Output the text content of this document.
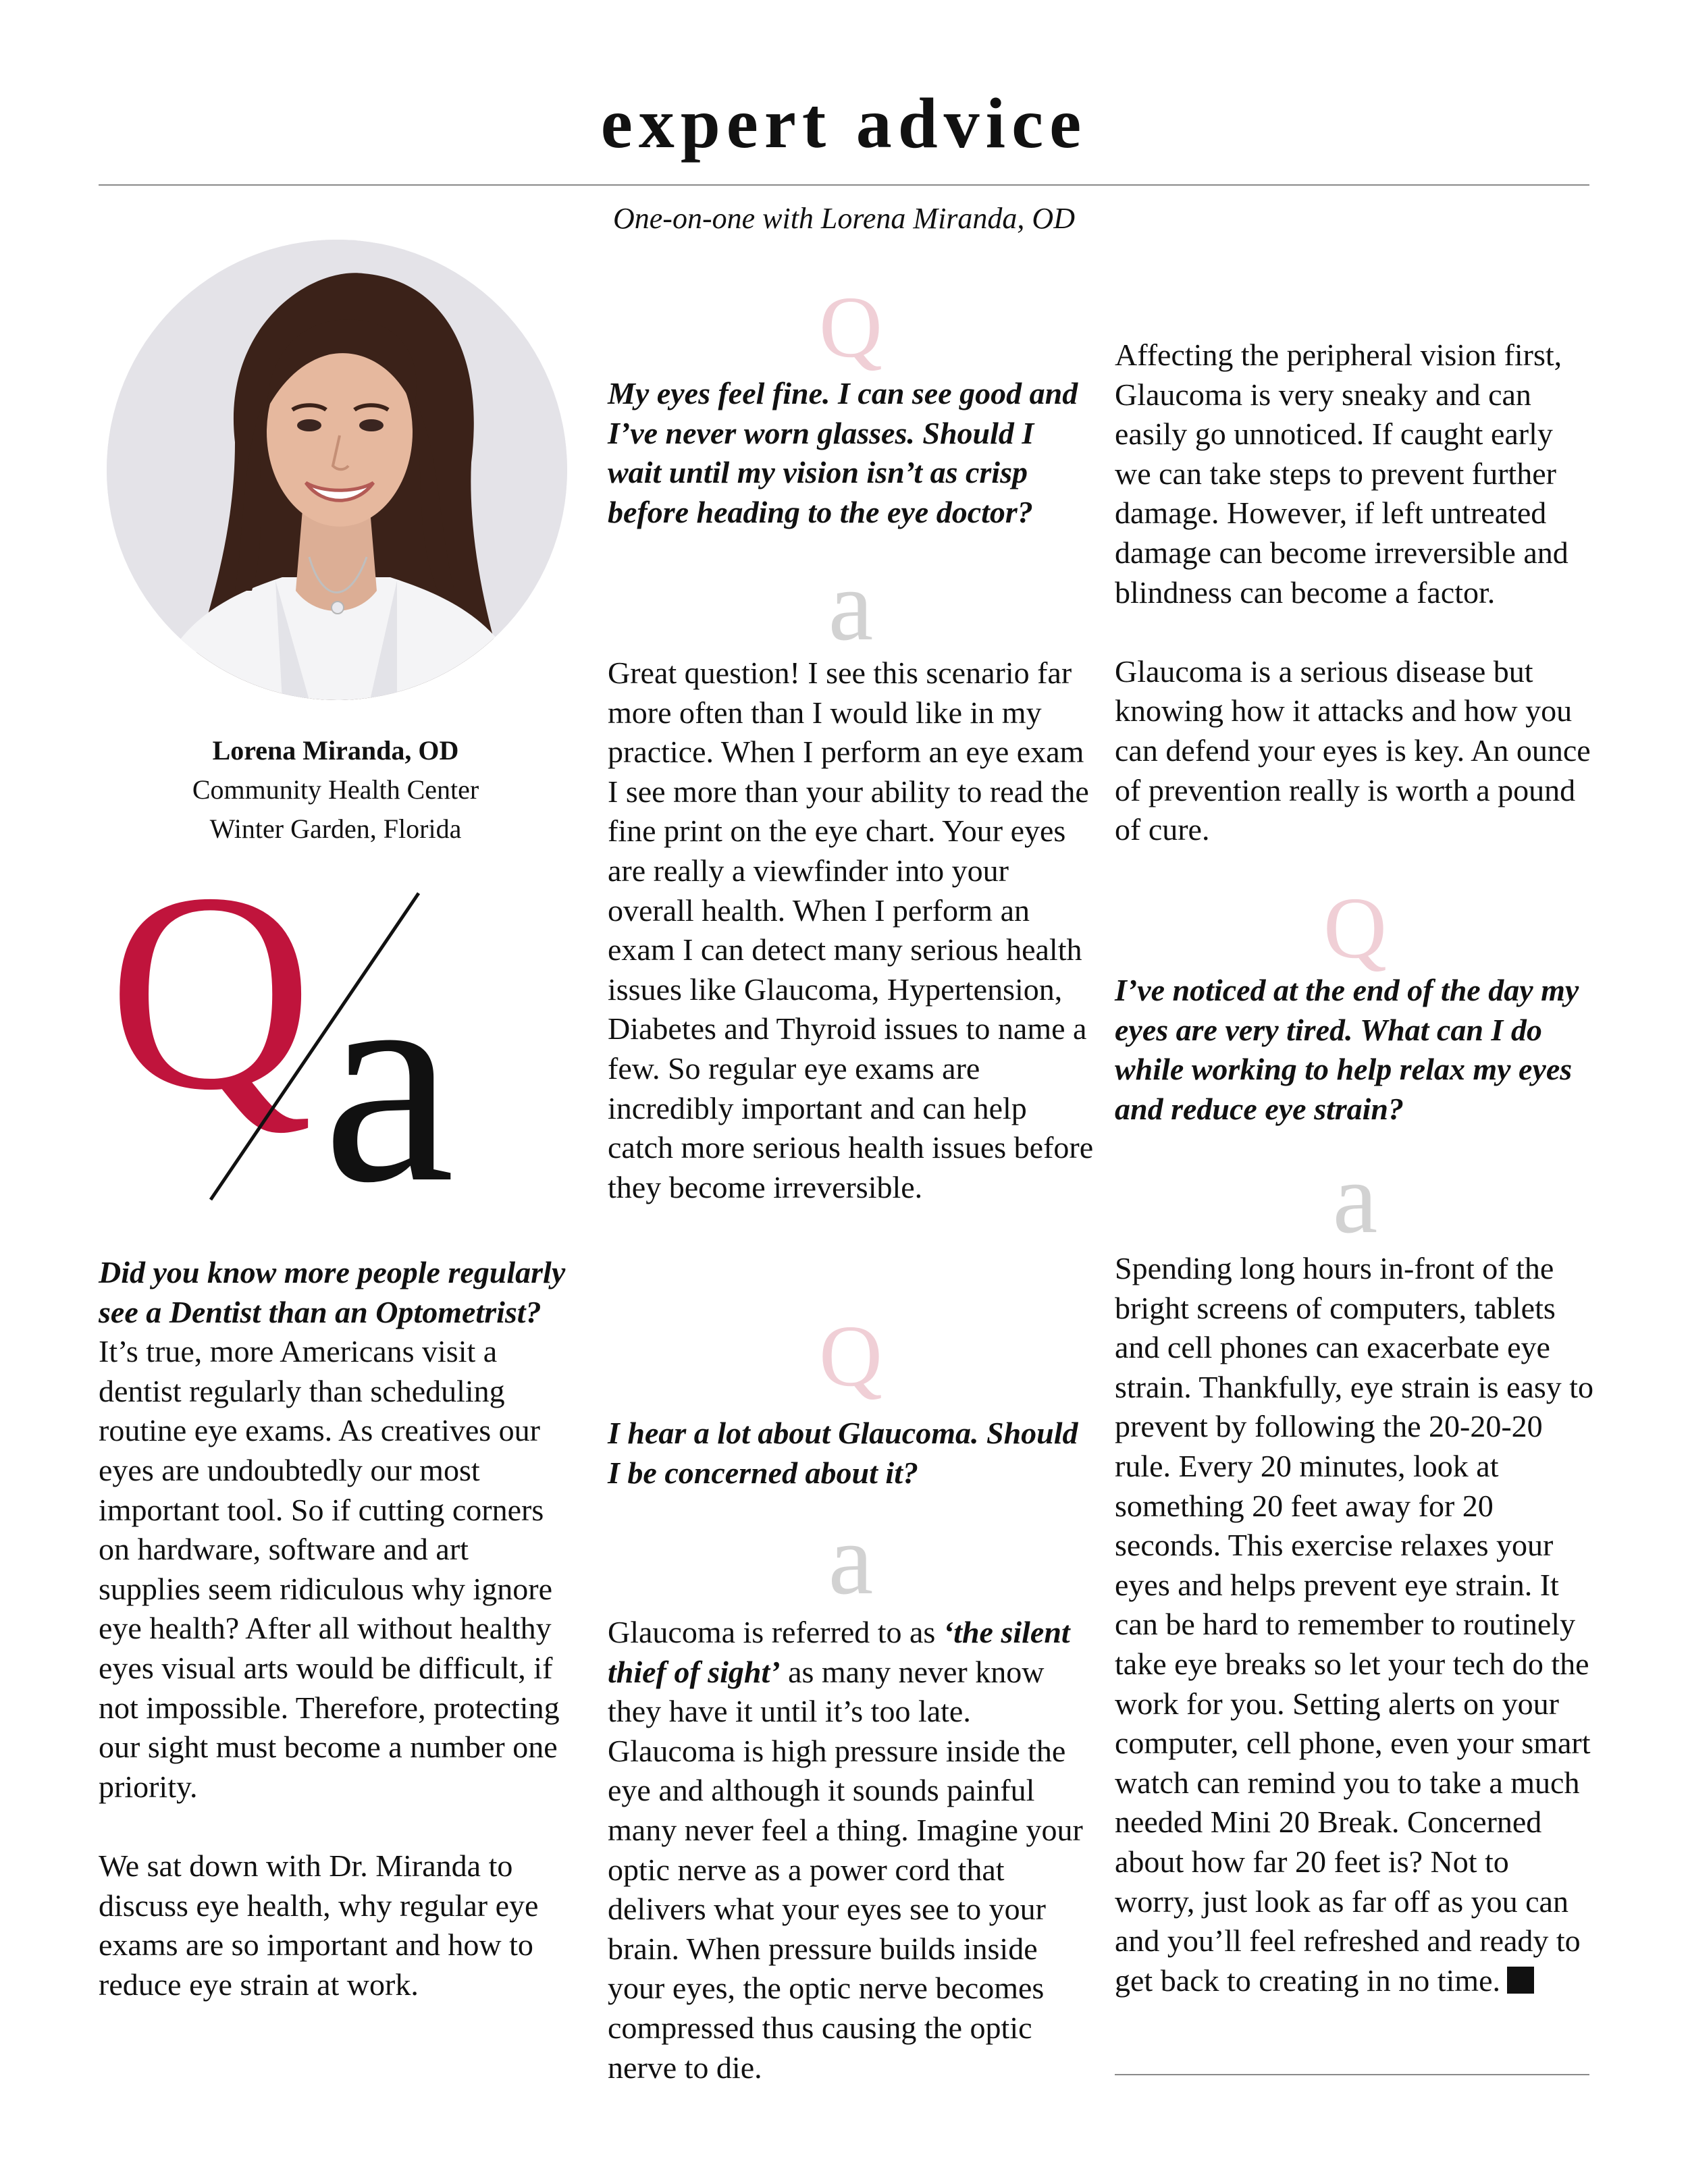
expert advice
One-on-one with Lorena Miranda, OD
Lorena Miranda, OD
Community Health Center
Winter Garden, Florida
Q a

Did you know more people regularly see a Dentist than an Optometrist?  It’s true, more Americans visit a dentist regularly than scheduling routine eye exams. As creatives our eyes are undoubtedly our most important tool. So if cutting corners on hardware, software and art supplies seem ridiculous why ignore eye health? After all without healthy eyes visual arts would be difficult, if not impossible. Therefore, protecting our sight must become a number one priority.

We sat down with Dr. Miranda to discuss eye health, why regular eye exams are so important and how to reduce eye strain at work.

Q
My eyes feel fine. I can see good and I’ve never worn glasses. Should I wait until my vision isn’t as crisp before heading to the eye doctor?
a
Great question! I see this scenario far more often than I would like in my practice. When I perform an eye exam I see more than your ability to read the fine print on the eye chart. Your eyes are really a viewfinder into your overall health. When I perform an exam I can detect many serious health issues like Glaucoma, Hypertension, Diabetes and Thyroid issues to name a few. So regular eye exams are incredibly important and can help catch more serious health issues before they become irreversible.
Q
I hear a lot about Glaucoma. Should I be concerned about it?
a

Glaucoma is referred to as ‘the silent thief of sight’ as many never know they have it until it’s too late. Glaucoma is high pressure inside the eye and although it sounds painful many never feel a thing. Imagine your optic nerve as a power cord that delivers what your eyes see to your brain. When pressure builds inside your eyes, the optic nerve becomes compressed thus causing the optic nerve to die.

Affecting the peripheral vision first, Glaucoma is very sneaky and can easily go unnoticed. If caught early we can take steps to prevent further damage. However, if left untreated damage can become irreversible and blindness can become a factor.

Glaucoma is a serious disease but knowing how it attacks and how you can defend your eyes is key. An ounce of prevention really is worth a pound of cure.

Q
I’ve noticed at the end of the day my eyes are very tired. What can I do while working to help relax my eyes and reduce eye strain?
a

Spending long hours in-front of the bright screens of computers, tablets and cell phones can exacerbate eye strain. Thankfully, eye strain is easy to prevent by following the 20-20-20 rule. Every 20 minutes, look at something 20 feet away for 20 seconds. This exercise relaxes your eyes and helps prevent eye strain. It can be hard to remember to routinely take eye breaks so let your tech do the work for you. Setting alerts on your computer, cell phone, even your smart watch can remind you to take a much needed Mini 20 Break. Concerned about how far 20 feet is? Not to worry, just look as far off as you can and you’ll feel refreshed and ready to get back to creating in no time.
